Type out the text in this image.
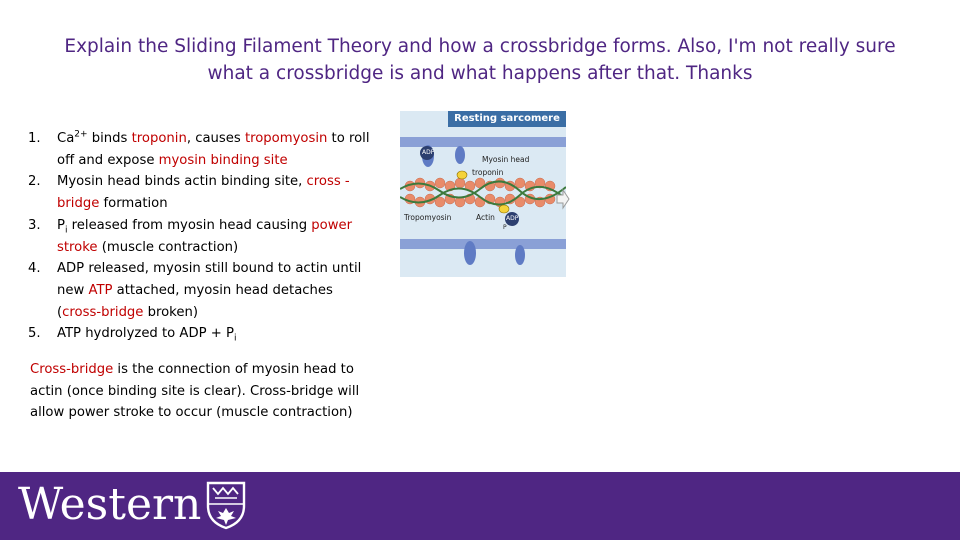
Explain the Sliding Filament Theory and how a crossbridge forms. Also, I'm not really sure what a crossbridge is and what happens after that. Thanks
1. $Ca^{2+}$ binds troponin, causes tropomyosin to roll off and expose myosin binding site
2. Myosin head binds actin binding site, cross -bridge formation
3. $P_i$ released from myosin head causing power stroke (muscle contraction)
4. ADP released, myosin still bound to actin until new ATP attached, myosin head detaches (cross-bridge broken)
5. ATP hydrolyzed to ADP + $P_i$
Cross-bridge is the connection of myosin head to actin (once binding site is clear). Cross-bridge will allow power stroke to occur (muscle contraction)
Resting sarcomere
ADP
Myosin head
troponin
Tropomyosin	Actin ADP
P
Western
